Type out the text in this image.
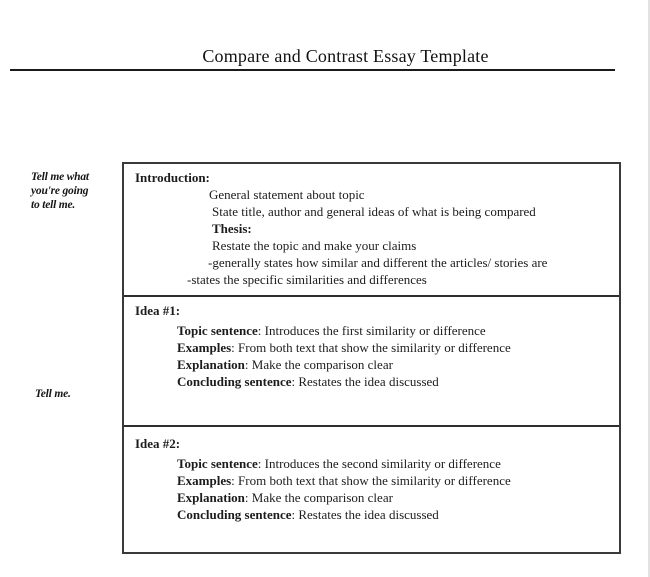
Compare and Contrast Essay Template
Tell me what
you're going
to tell me.
Tell me.
Introduction:
General statement about topic
State title, author and general ideas of what is being compared
Thesis:
Restate the topic and make your claims
-generally states how similar and different the articles/ stories are
-states the specific similarities and differences
Idea #1:
Topic sentence: Introduces the first similarity or difference
Examples: From both text that show the similarity or difference
Explanation: Make the comparison clear
Concluding sentence: Restates the idea discussed
Idea #2:
Topic sentence: Introduces the second similarity or difference
Examples: From both text that show the similarity or difference
Explanation: Make the comparison clear
Concluding sentence: Restates the idea discussed
